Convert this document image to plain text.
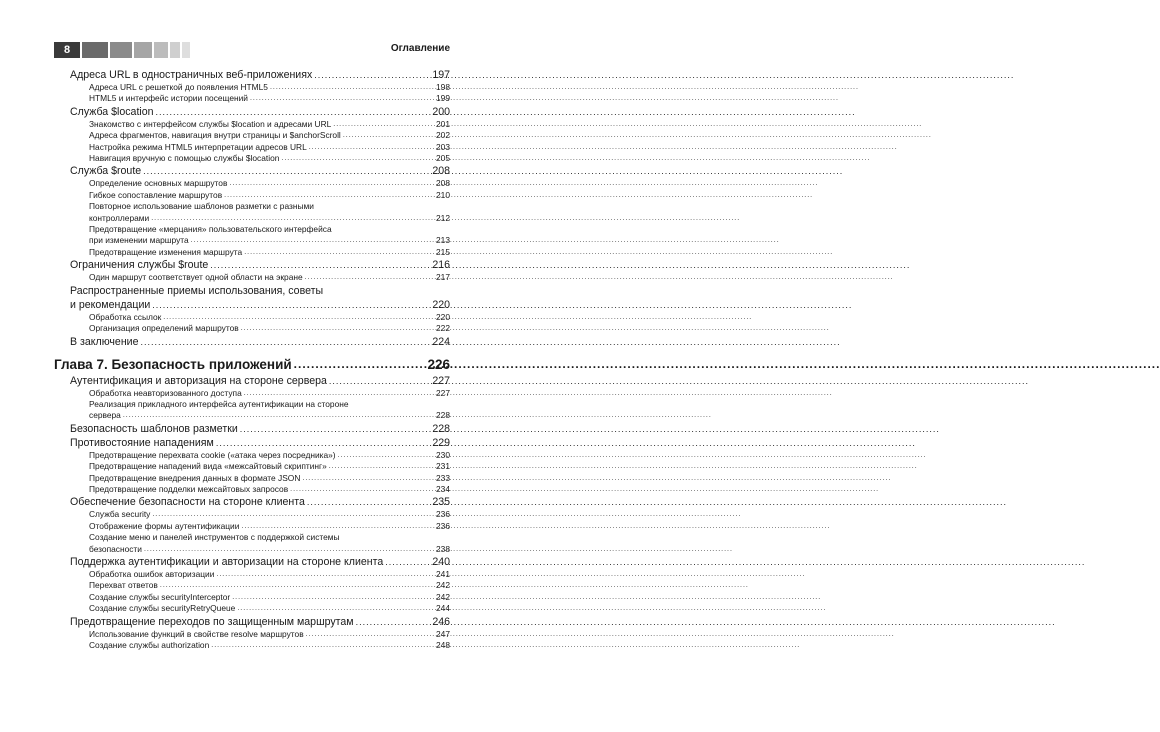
8	Оглавление
Адреса URL в одностраничных веб-приложениях .....	197
Адреса URL с решеткой до появления HTML5 .....	198
HTML5 и интерфейс истории посещений .....	199
Служба $location .....	200
Знакомство с интерфейсом службы $location и адресами URL .....	201
Адреса фрагментов, навигация внутри страницы и $anchorScroll .....	202
Настройка режима HTML5 интерпретации адресов URL .....	203
Навигация вручную с помощью службы $location .....	205
Служба $route .....	208
Определение основных маршрутов .....	208
Гибкое сопоставление маршрутов .....	210
Повторное использование шаблонов разметки с разными
контроллерами .....	212
Предотвращение «мерцания» пользовательского интерфейса
при изменении маршрута .....	213
Предотвращение изменения маршрута .....	215
Ограничения службы $route .....	216
Один маршрут соответствует одной области на экране .....	217
Распространенные приемы использования, советы
и рекомендации .....	220
Обработка ссылок .....	220
Организация определений маршрутов .....	222
В заключение .....	224
Глава 7. Безопасность приложений .....	226
Аутентификация и авторизация на стороне сервера .....	227
Обработка неавторизованного доступа .....	227
Реализация прикладного интерфейса аутентификации на стороне
сервера .....	228
Безопасность шаблонов разметки .....	228
Противостояние нападениям .....	229
Предотвращение перехвата cookie («атака через посредника») .....	230
Предотвращение нападений вида «межсайтовый скриптинг» .....	231
Предотвращение внедрения данных в формате JSON .....	233
Предотвращение подделки межсайтовых запросов .....	234
Обеспечение безопасности на стороне клиента .....	235
Служба security .....	236
Отображение формы аутентификации .....	236
Создание меню и панелей инструментов с поддержкой системы
безопасности .....	238
Поддержка аутентификации и авторизации на стороне клиента .....	240
Обработка ошибок авторизации .....	241
Перехват ответов .....	242
Создание службы securityInterceptor .....	242
Создание службы securityRetryQueue .....	244
Предотвращение переходов по защищенным маршрутам .....	246
Использование функций в свойстве resolve маршрутов .....	247
Создание службы authorization .....	248
